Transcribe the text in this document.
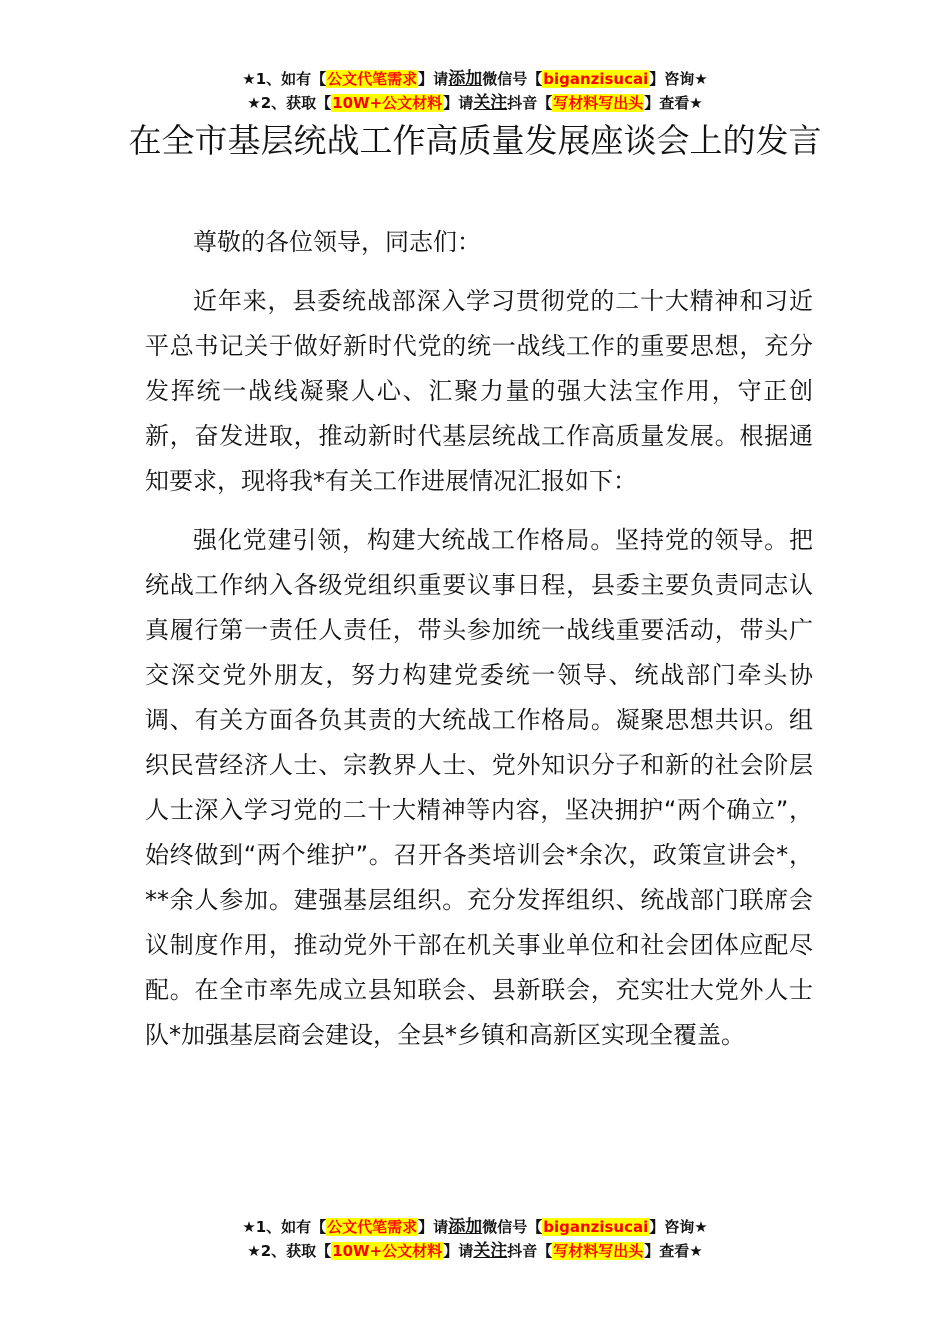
★1、如有【公文代笔需求】请添加微信号【biganzisucai】咨询★
★2、获取【10W+公文材料】请关注抖音【写材料写出头】查看★
在全市基层统战工作高质量发展座谈会上的发言

尊敬的各位领导，同志们：

近年来，县委统战部深入学习贯彻党的二十大精神和习近平总书记关于做好新时代党的统一战线工作的重要思想，充分发挥统一战线凝聚人心、汇聚力量的强大法宝作用，守正创新，奋发进取，推动新时代基层统战工作高质量发展。根据通知要求，现将我*有关工作进展情况汇报如下：

强化党建引领，构建大统战工作格局。坚持党的领导。把统战工作纳入各级党组织重要议事日程，县委主要负责同志认真履行第一责任人责任，带头参加统一战线重要活动，带头广交深交党外朋友，努力构建党委统一领导、统战部门牵头协调、有关方面各负其责的大统战工作格局。凝聚思想共识。组织民营经济人士、宗教界人士、党外知识分子和新的社会阶层人士深入学习党的二十大精神等内容，坚决拥护“两个确立”，始终做到“两个维护”。召开各类培训会*余次，政策宣讲会*，**余人参加。建强基层组织。充分发挥组织、统战部门联席会议制度作用，推动党外干部在机关事业单位和社会团体应配尽配。在全市率先成立县知联会、县新联会，充实壮大党外人士队*加强基层商会建设，全县*乡镇和高新区实现全覆盖。

★1、如有【公文代笔需求】请添加微信号【biganzisucai】咨询★
★2、获取【10W+公文材料】请关注抖音【写材料写出头】查看★
